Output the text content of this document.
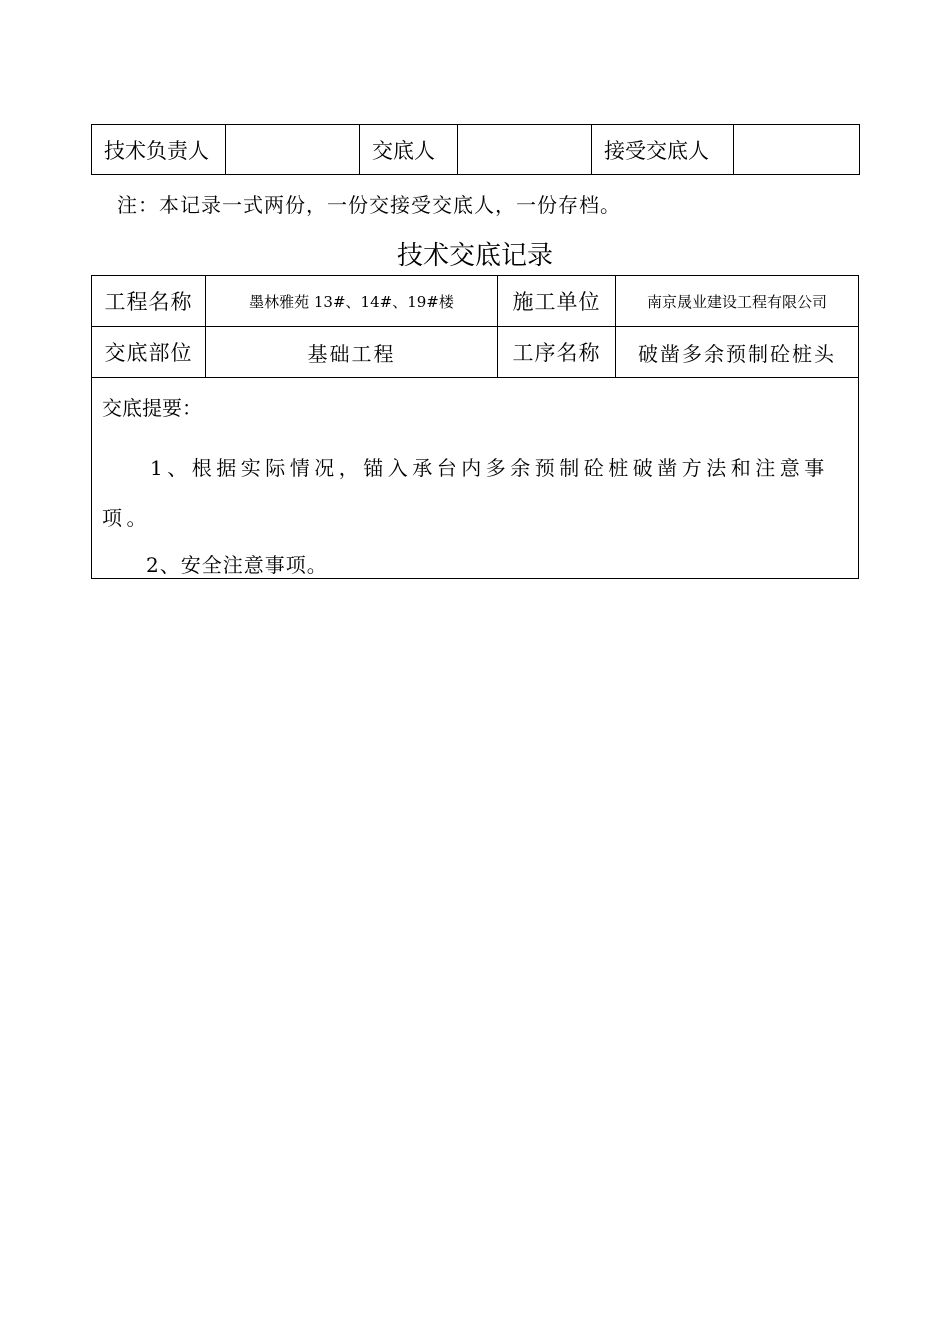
技术负责人		交底人		接受交底人	
注：本记录一式两份，一份交接受交底人，一份存档。
技术交底记录
工程名称	墨林雅苑 13#、14#、19#楼	施工单位	南京晟业建设工程有限公司
交底部位	基础工程	工序名称	破凿多余预制砼桩头

交底提要：

1、根据实际情况，锚入承台内多余预制砼桩破凿方法和注意事项。

2、安全注意事项。
